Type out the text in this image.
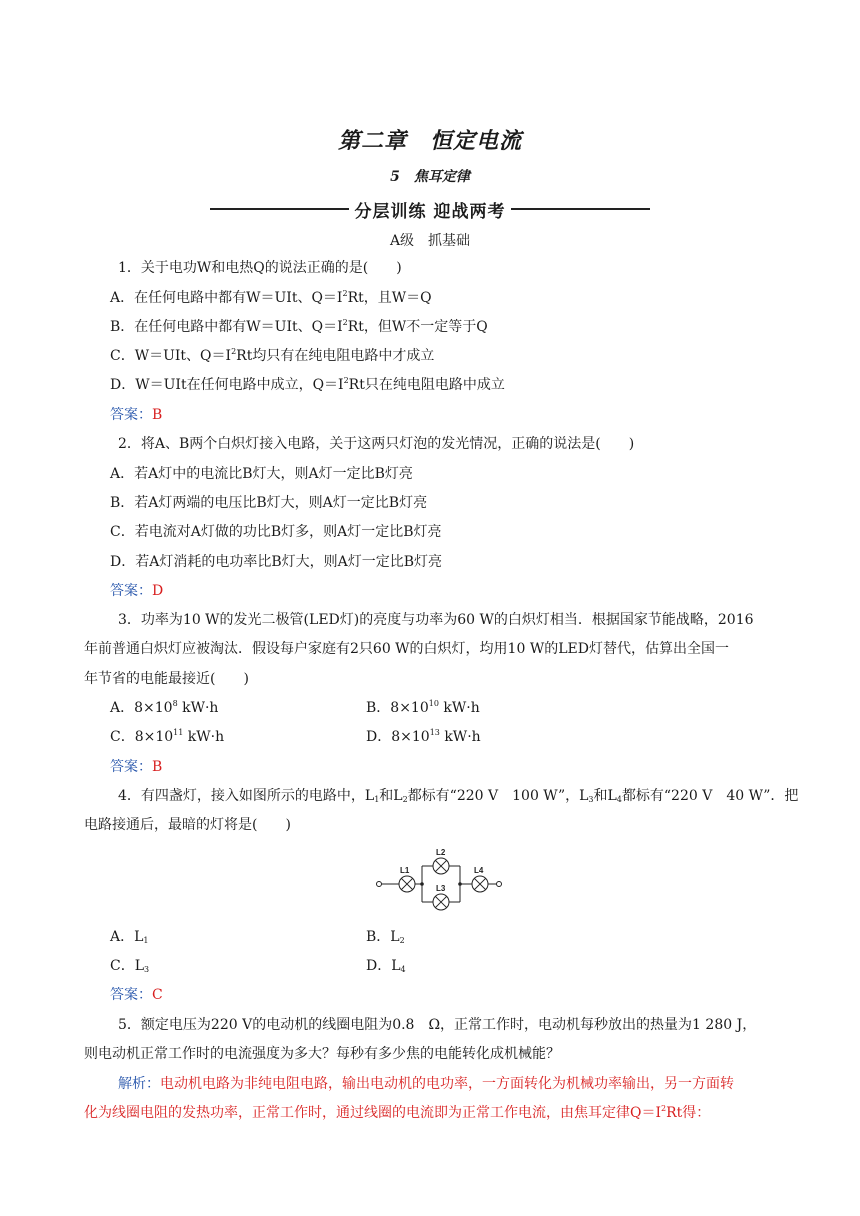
第二章　恒定电流
5　焦耳定律
分层训练 迎战两考
A级　抓基础
1．关于电功W和电热Q的说法正确的是(　　)
A．在任何电路中都有W＝UIt、$Q=I^2Rt$，且W＝Q
B．在任何电路中都有W＝UIt、$Q=I^2Rt$，但W不一定等于Q
C．W＝UIt、$Q=I^2Rt$均只有在纯电阻电路中才成立
D．W＝UIt在任何电路中成立，$Q=I^2Rt$只在纯电阻电路中成立
答案：B
2．将A、B两个白炽灯接入电路，关于这两只灯泡的发光情况，正确的说法是(　　)
A．若A灯中的电流比B灯大，则A灯一定比B灯亮
B．若A灯两端的电压比B灯大，则A灯一定比B灯亮
C．若电流对A灯做的功比B灯多，则A灯一定比B灯亮
D．若A灯消耗的电功率比B灯大，则A灯一定比B灯亮
答案：D
3．功率为10 W的发光二极管(LED灯)的亮度与功率为60 W的白炽灯相当．根据国家节能战略，2016
年前普通白炽灯应被淘汰．假设每户家庭有2只60 W的白炽灯，均用10 W的LED灯替代，估算出全国一
年节省的电能最接近(　　)
A．$8\times 10^8$ kW·h	B．$8\times 10^{10}$ kW·h
C．$8\times 10^{11}$ kW·h	D．$8\times 10^{13}$ kW·h
答案：B
4．有四盏灯，接入如图所示的电路中，$L_1$和$L_2$都标有“220 V　100 W”，$L_3$和$L_4$都标有“220 V　40 W”．把
电路接通后，最暗的灯将是(　　)
L1
L2
L3
L4
A．$L_1$	B．$L_2$
C．$L_3$	D．$L_4$
答案：C
5．额定电压为220 V的电动机的线圈电阻为0.8　Ω，正常工作时，电动机每秒放出的热量为1 280 J，
则电动机正常工作时的电流强度为多大？每秒有多少焦的电能转化成机械能？
解析：电动机电路为非纯电阻电路，输出电动机的电功率，一方面转化为机械功率输出，另一方面转
化为线圈电阻的发热功率，正常工作时，通过线圈的电流即为正常工作电流，由焦耳定律$Q=I^2Rt$得：
